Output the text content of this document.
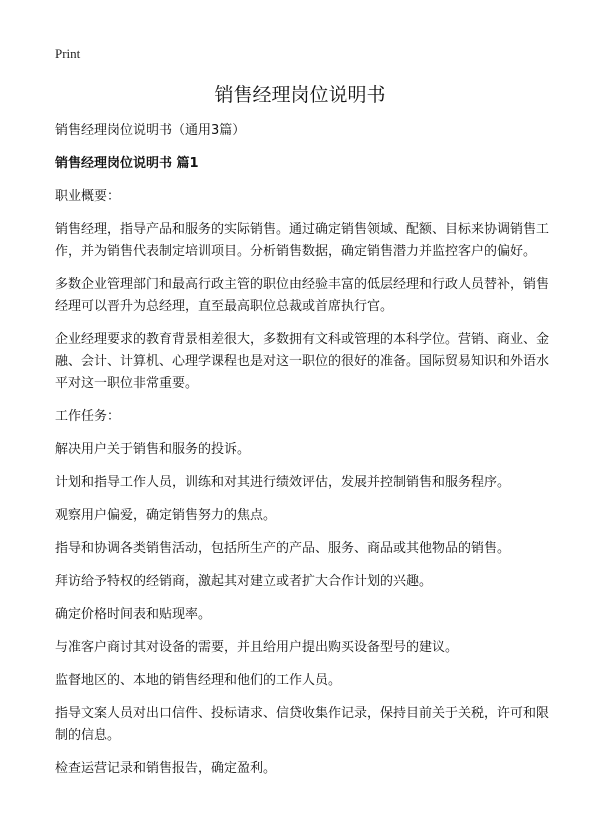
Print
销售经理岗位说明书

销售经理岗位说明书（通用3篇）

销售经理岗位说明书 篇1

职业概要：

销售经理，指导产品和服务的实际销售。通过确定销售领域、配额、目标来协调销售工作，并为销售代表制定培训项目。分析销售数据，确定销售潜力并监控客户的偏好。

多数企业管理部门和最高行政主管的职位由经验丰富的低层经理和行政人员替补，销售经理可以晋升为总经理，直至最高职位总裁或首席执行官。

企业经理要求的教育背景相差很大，多数拥有文科或管理的本科学位。营销、商业、金融、会计、计算机、心理学课程也是对这一职位的很好的准备。国际贸易知识和外语水平对这一职位非常重要。

工作任务：

解决用户关于销售和服务的投诉。

计划和指导工作人员，训练和对其进行绩效评估，发展并控制销售和服务程序。

观察用户偏爱，确定销售努力的焦点。

指导和协调各类销售活动，包括所生产的产品、服务、商品或其他物品的销售。

拜访给予特权的经销商，激起其对建立或者扩大合作计划的兴趣。

确定价格时间表和贴现率。

与准客户商讨其对设备的需要，并且给用户提出购买设备型号的建议。

监督地区的、本地的销售经理和他们的工作人员。

指导文案人员对出口信件、投标请求、信贷收集作记录，保持目前关于关税，许可和限制的信息。

检查运营记录和销售报告，确定盈利。
